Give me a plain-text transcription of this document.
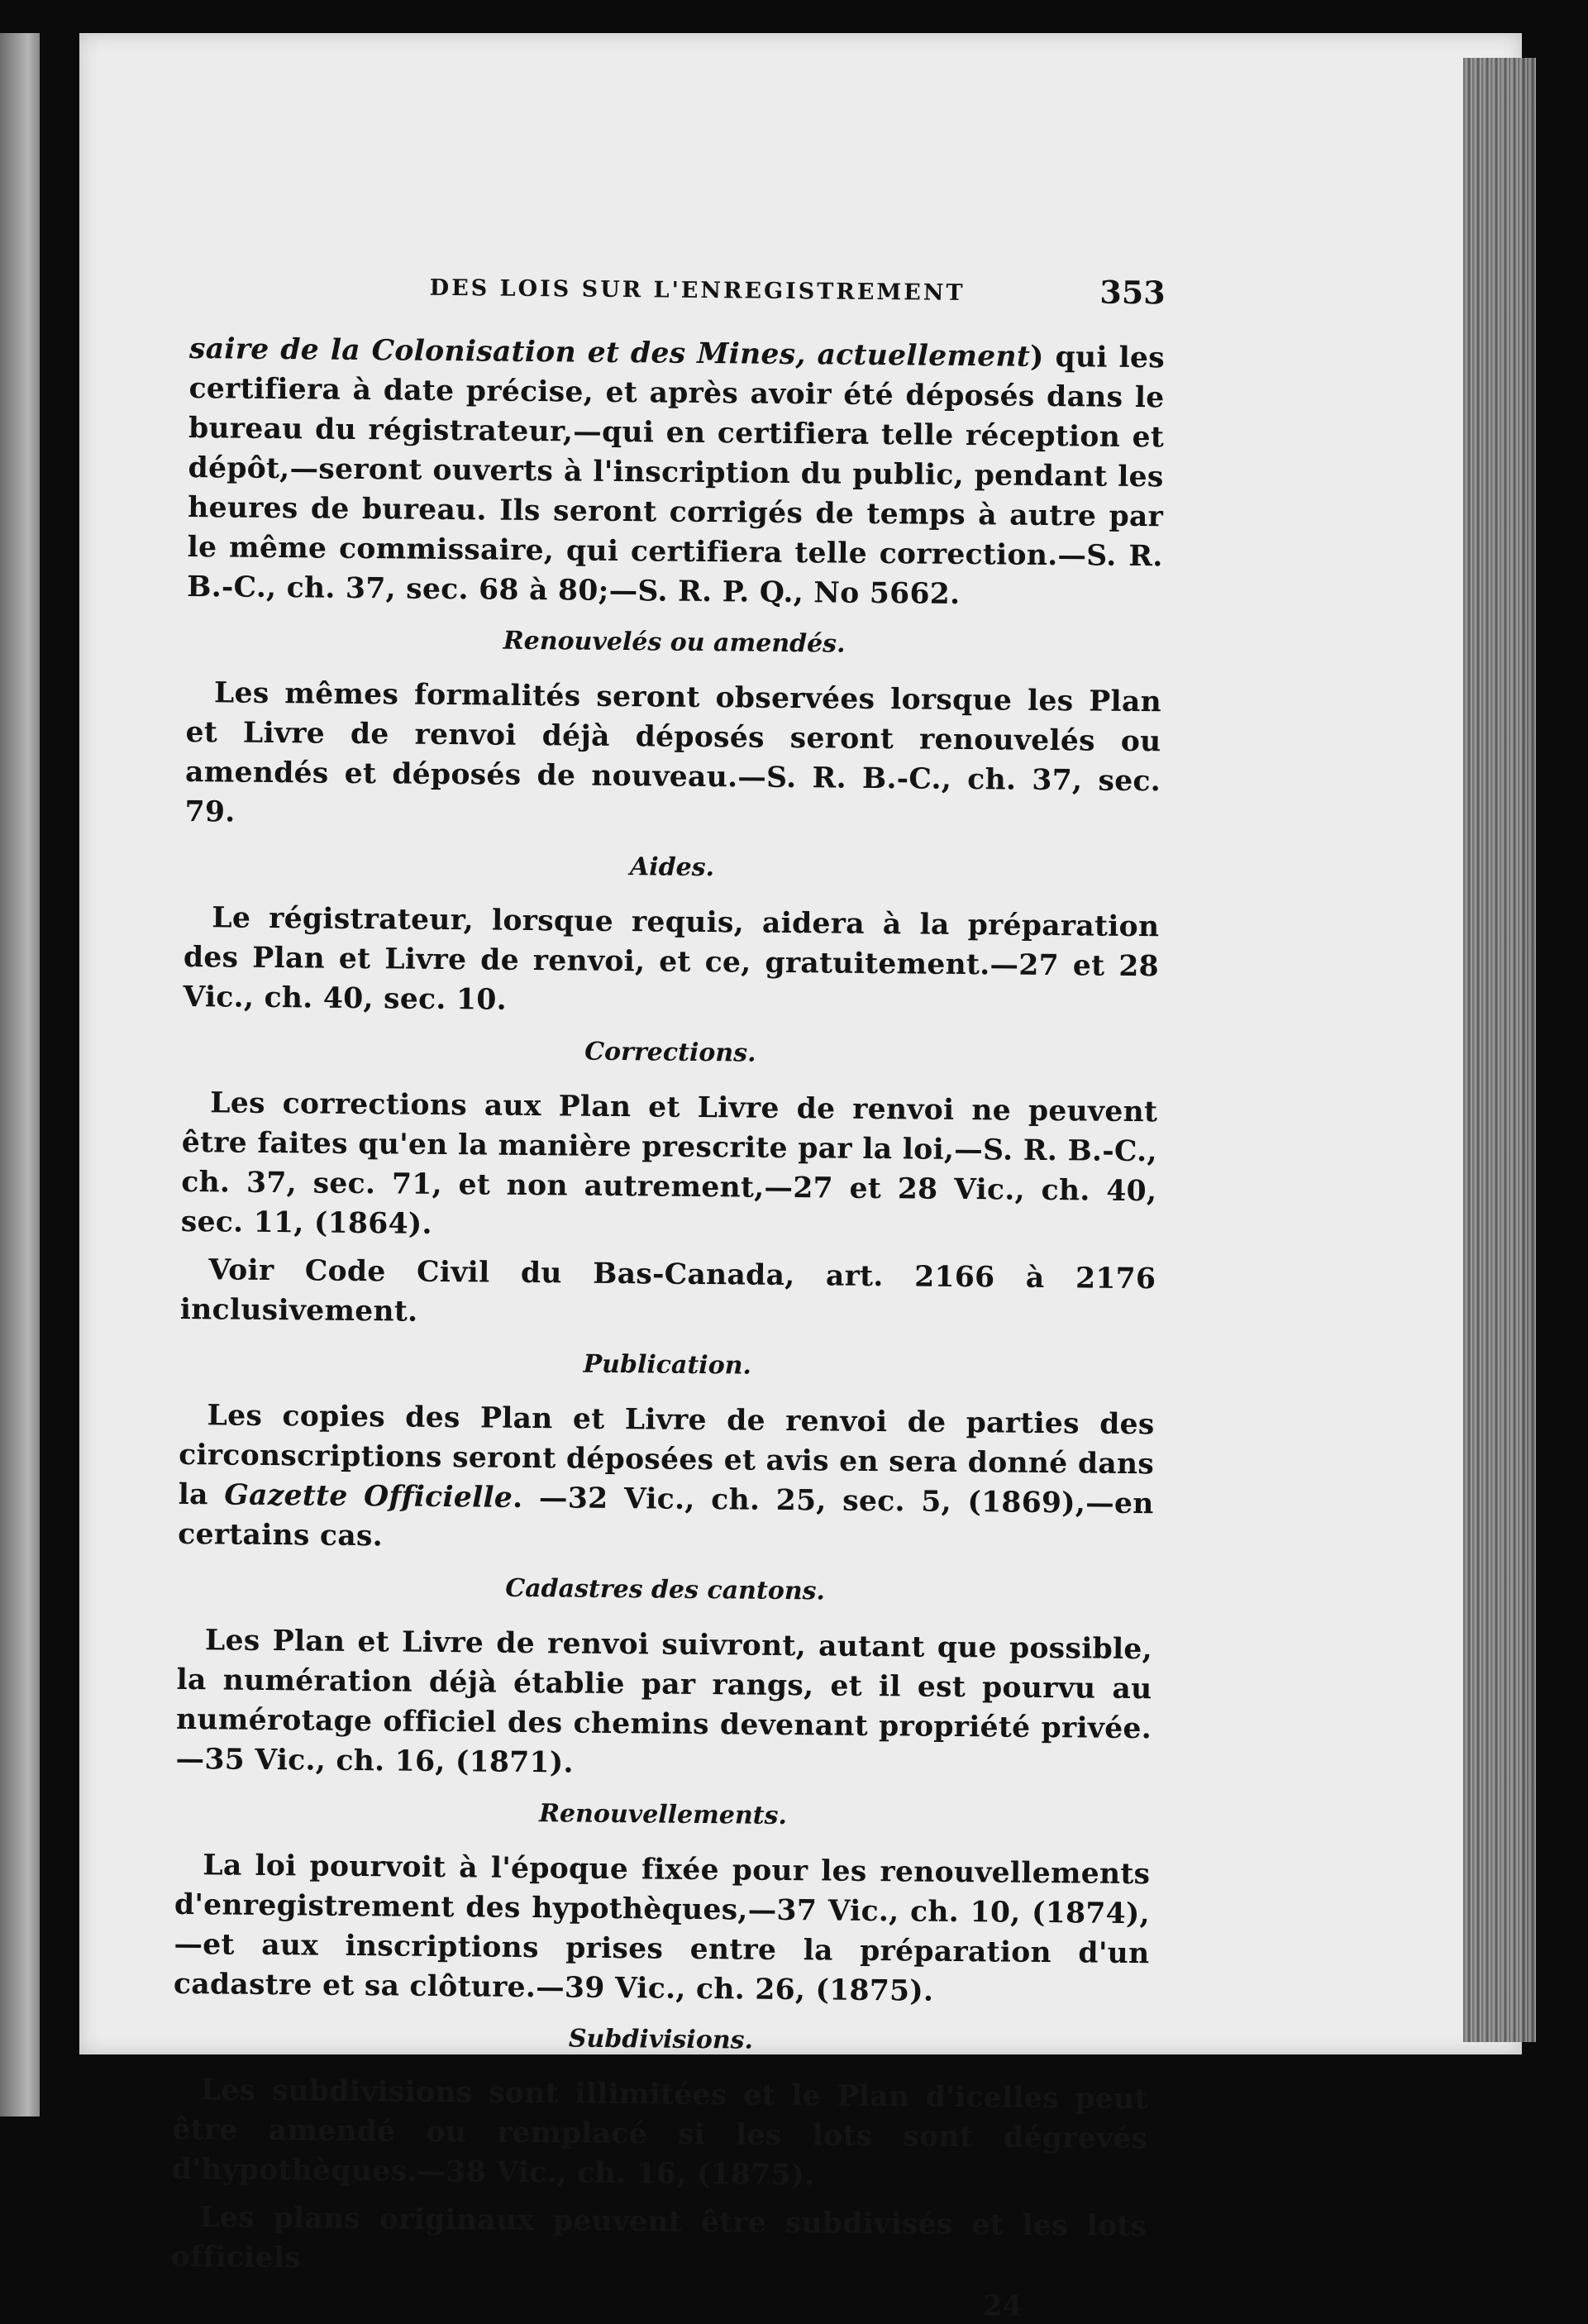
DES LOIS SUR L'ENREGISTREMENT	353

saire de la Colonisation et des Mines, actuellement) qui les certifiera à date précise, et après avoir été déposés dans le bureau du régistrateur,—qui en certifiera telle réception et dépôt,—seront ouverts à l'inscription du public, pendant les heures de bureau. Ils seront corrigés de temps à autre par le même commissaire, qui certifiera telle correction.—S. R. B.-C., ch. 37, sec. 68 à 80;—S. R. P. Q., No 5662.

Renouvelés ou amendés.

Les mêmes formalités seront observées lorsque les Plan et Livre de renvoi déjà déposés seront renouvelés ou amendés et déposés de nouveau.—S. R. B.-C., ch. 37, sec. 79.

Aides.

Le régistrateur, lorsque requis, aidera à la préparation des Plan et Livre de renvoi, et ce, gratuitement.—27 et 28 Vic., ch. 40, sec. 10.

Corrections.

Les corrections aux Plan et Livre de renvoi ne peuvent être faites qu'en la manière prescrite par la loi,—S. R. B.-C., ch. 37, sec. 71, et non autrement,—27 et 28 Vic., ch. 40, sec. 11, (1864).

Voir Code Civil du Bas-Canada, art. 2166 à 2176 inclusivement.

Publication.

Les copies des Plan et Livre de renvoi de parties des circonscriptions seront déposées et avis en sera donné dans la Gazette Officielle. —32 Vic., ch. 25, sec. 5, (1869),—en certains cas.

Cadastres des cantons.

Les Plan et Livre de renvoi suivront, autant que possible, la numération déjà établie par rangs, et il est pourvu au numérotage officiel des chemins devenant propriété privée.—35 Vic., ch. 16, (1871).

Renouvellements.

La loi pourvoit à l'époque fixée pour les renouvellements d'enregistrement des hypothèques,—37 Vic., ch. 10, (1874),—et aux inscriptions prises entre la préparation d'un cadastre et sa clôture.—39 Vic., ch. 26, (1875).

Subdivisions.

Les subdivisions sont illimitées et le Plan d'icelles peut être amendé ou remplacé si les lots sont dégrevés d'hypothèques.—38 Vic., ch. 16, (1875).

Les plans originaux peuvent être subdivisés et les lots officiels

24
